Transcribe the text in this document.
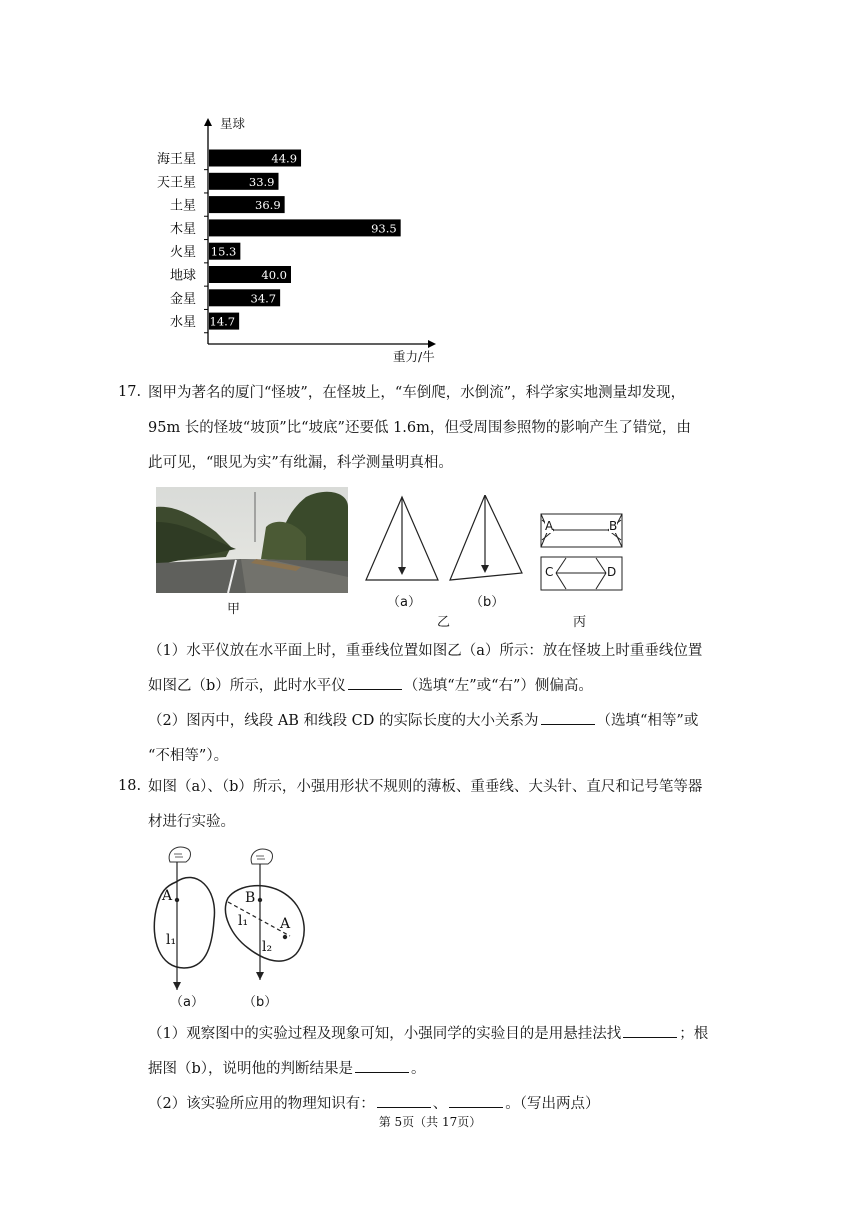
海王星	44.9
天王星	33.9
土星	36.9
木星	93.5
火星 15.3
地球	40.0
金星	34.7
水星 14.7
星球
重力/牛
17. 图甲为著名的厦门“怪坡”，在怪坡上，“车倒爬，水倒流”，科学家实地测量却发现，
95m 长的怪坡“坡顶”比“坡底”还要低 1.6m，但受周围参照物的影响产生了错觉，由
此可见，“眼见为实”有纰漏，科学测量明真相。
甲	（a）	（b）
乙
A	B
C	D
丙
（1）水平仪放在水平面上时，重垂线位置如图乙（a）所示：放在怪坡上时重垂线位置
如图乙（b）所示，此时水平仪	（选填“左”或“右”）侧偏高。
（2）图丙中，线段 AB 和线段 CD 的实际长度的大小关系为	（选填“相等”或
“不相等”）。
18. 如图（a）、（b）所示，小强用形状不规则的薄板、重垂线、大头针、直尺和记号笔等器
材进行实验。
A
l₁
B
A
l₁
l₂
（a）	（b）
（1）观察图中的实验过程及现象可知，小强同学的实验目的是用悬挂法找	；根
据图（b），说明他的判断结果是	。
（2）该实验所应用的物理知识有：	、	。（写出两点）
第 5页（共 17页）
